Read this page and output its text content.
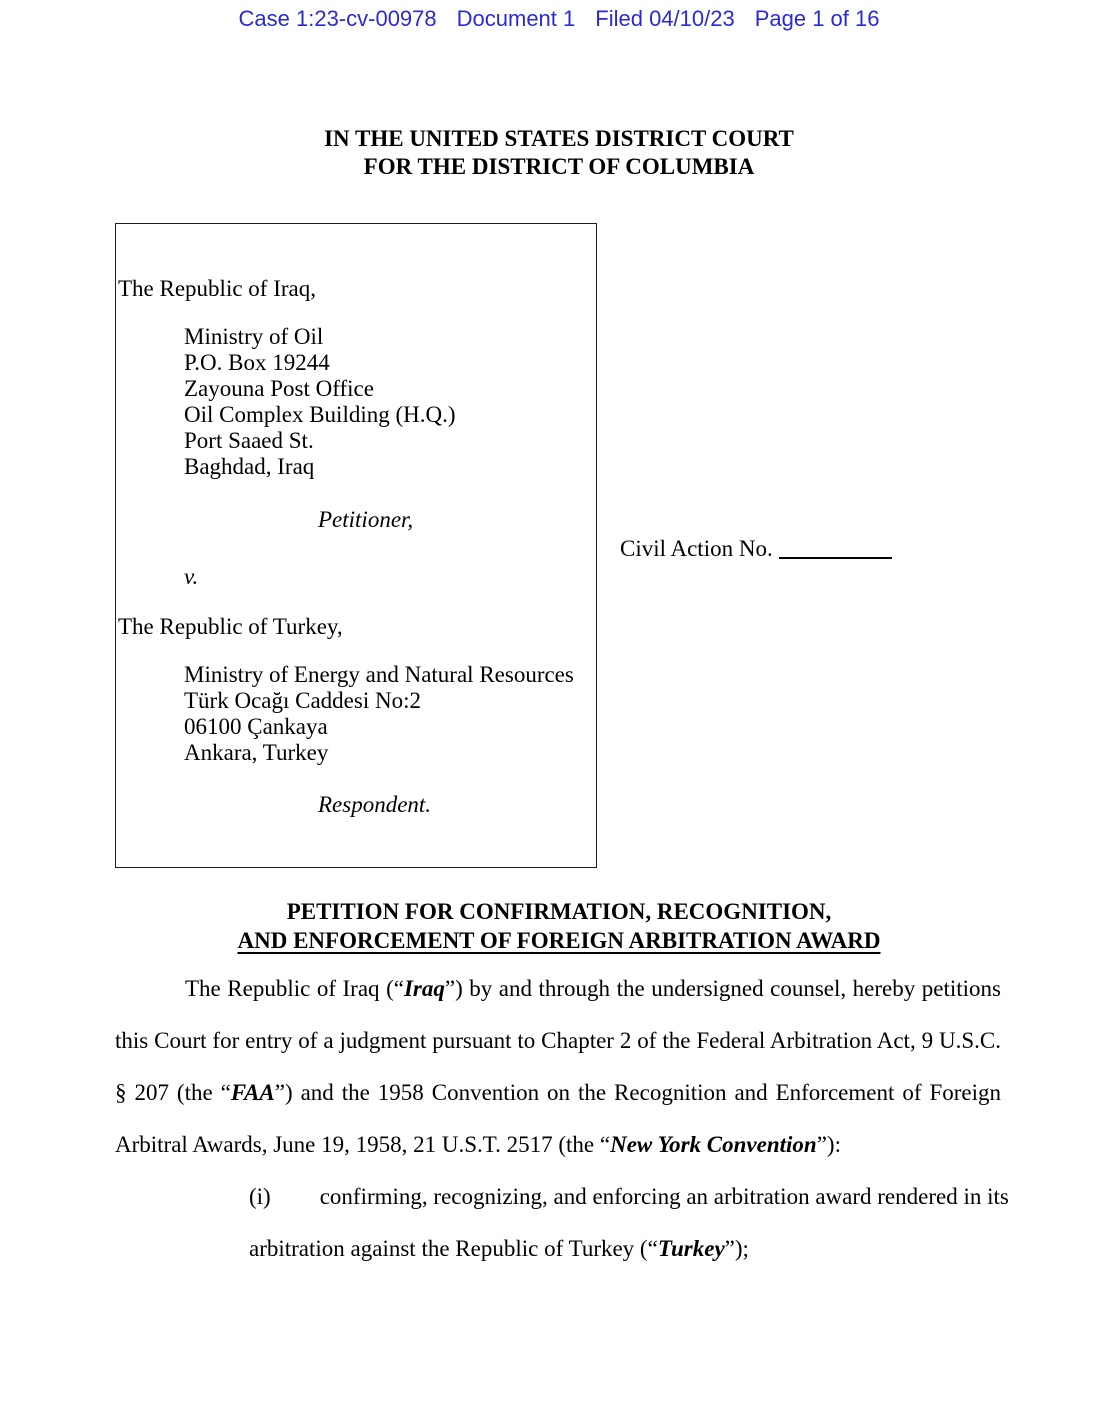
Case 1:23-cv-00978 Document 1 Filed 04/10/23 Page 1 of 16
IN THE UNITED STATES DISTRICT COURT
FOR THE DISTRICT OF COLUMBIA
The Republic of Iraq,
Ministry of Oil
P.O. Box 19244
Zayouna Post Office
Oil Complex Building (H.Q.)
Port Saaed St.
Baghdad, Iraq
Petitioner,
v.
The Republic of Turkey,
Ministry of Energy and Natural Resources
Türk Ocağı Caddesi No:2
06100 Çankaya
Ankara, Turkey
Respondent.
Civil Action No.
PETITION FOR CONFIRMATION, RECOGNITION,
AND ENFORCEMENT OF FOREIGN ARBITRATION AWARD
The Republic of Iraq (“Iraq”) by and through the undersigned counsel, hereby petitions
this Court for entry of a judgment pursuant to Chapter 2 of the Federal Arbitration Act, 9 U.S.C.
§ 207 (the “FAA”) and the 1958 Convention on the Recognition and Enforcement of Foreign
Arbitral Awards, June 19, 1958, 21 U.S.T. 2517 (the “New York Convention”):
(i) confirming, recognizing, and enforcing an arbitration award rendered in its
arbitration against the Republic of Turkey (“Turkey”);
